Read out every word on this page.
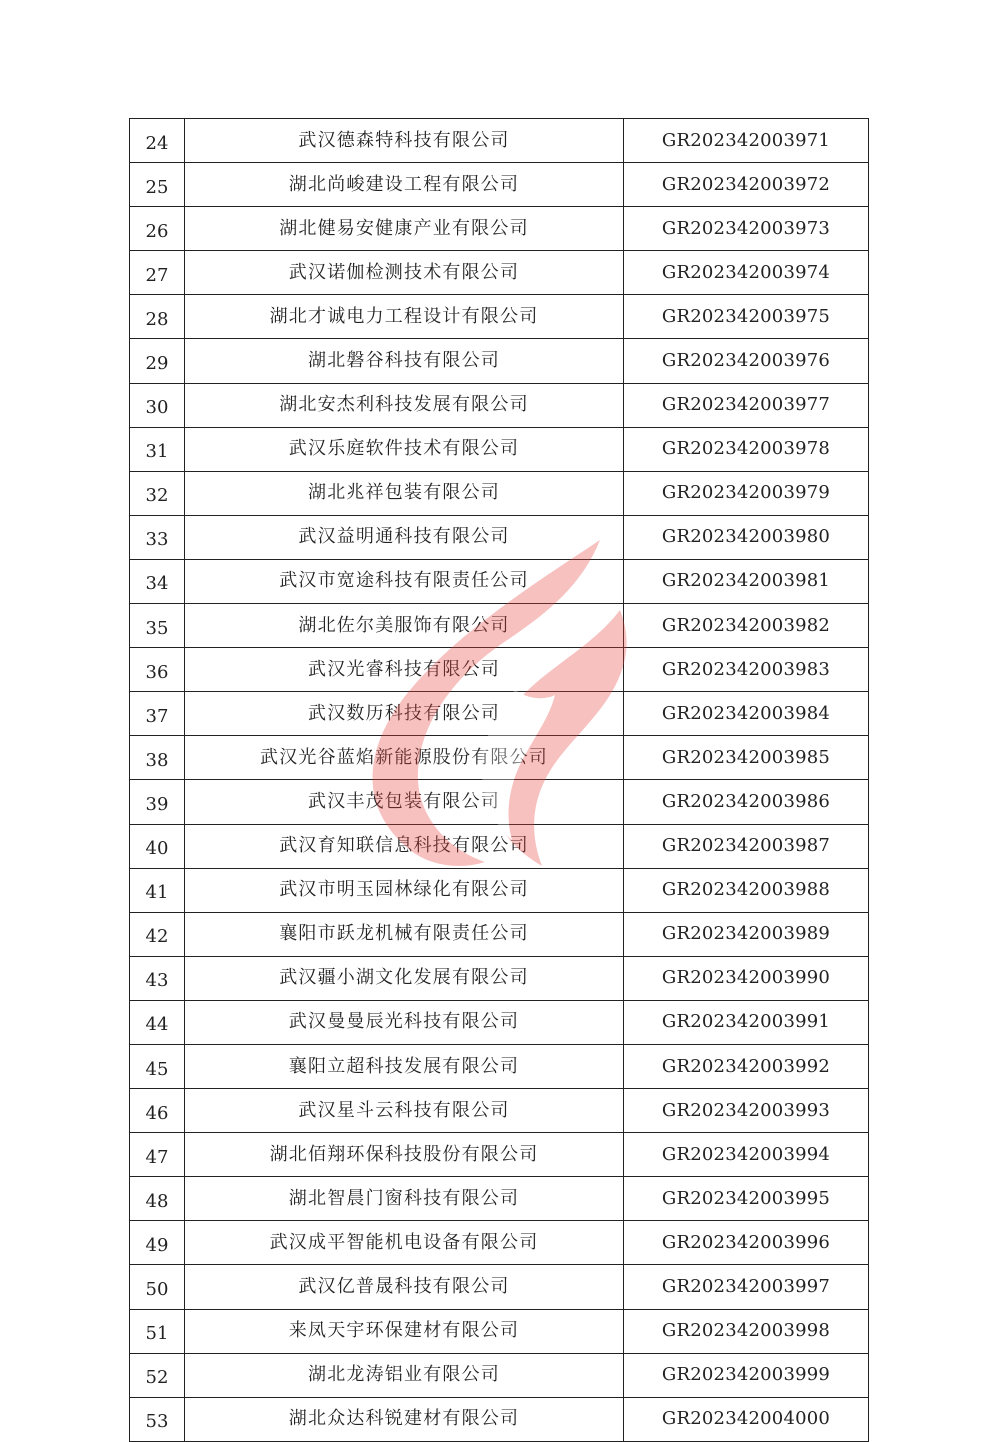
24	武汉德森特科技有限公司	GR202342003971
25	湖北尚峻建设工程有限公司	GR202342003972
26	湖北健易安健康产业有限公司	GR202342003973
27	武汉诺伽检测技术有限公司	GR202342003974
28	湖北才诚电力工程设计有限公司	GR202342003975
29	湖北磐谷科技有限公司	GR202342003976
30	湖北安杰利科技发展有限公司	GR202342003977
31	武汉乐庭软件技术有限公司	GR202342003978
32	湖北兆祥包装有限公司	GR202342003979
33	武汉益明通科技有限公司	GR202342003980
34	武汉市宽途科技有限责任公司	GR202342003981
35	湖北佐尔美服饰有限公司	GR202342003982
36	武汉光睿科技有限公司	GR202342003983
37	武汉数历科技有限公司	GR202342003984
38	武汉光谷蓝焰新能源股份有限公司	GR202342003985
39	武汉丰茂包装有限公司	GR202342003986
40	武汉育知联信息科技有限公司	GR202342003987
41	武汉市明玉园林绿化有限公司	GR202342003988
42	襄阳市跃龙机械有限责任公司	GR202342003989
43	武汉疆小湖文化发展有限公司	GR202342003990
44	武汉曼曼辰光科技有限公司	GR202342003991
45	襄阳立超科技发展有限公司	GR202342003992
46	武汉星斗云科技有限公司	GR202342003993
47	湖北佰翔环保科技股份有限公司	GR202342003994
48	湖北智晨门窗科技有限公司	GR202342003995
49	武汉成平智能机电设备有限公司	GR202342003996
50	武汉亿普晟科技有限公司	GR202342003997
51	来凤天宇环保建材有限公司	GR202342003998
52	湖北龙涛铝业有限公司	GR202342003999
53	湖北众达科锐建材有限公司	GR202342004000
